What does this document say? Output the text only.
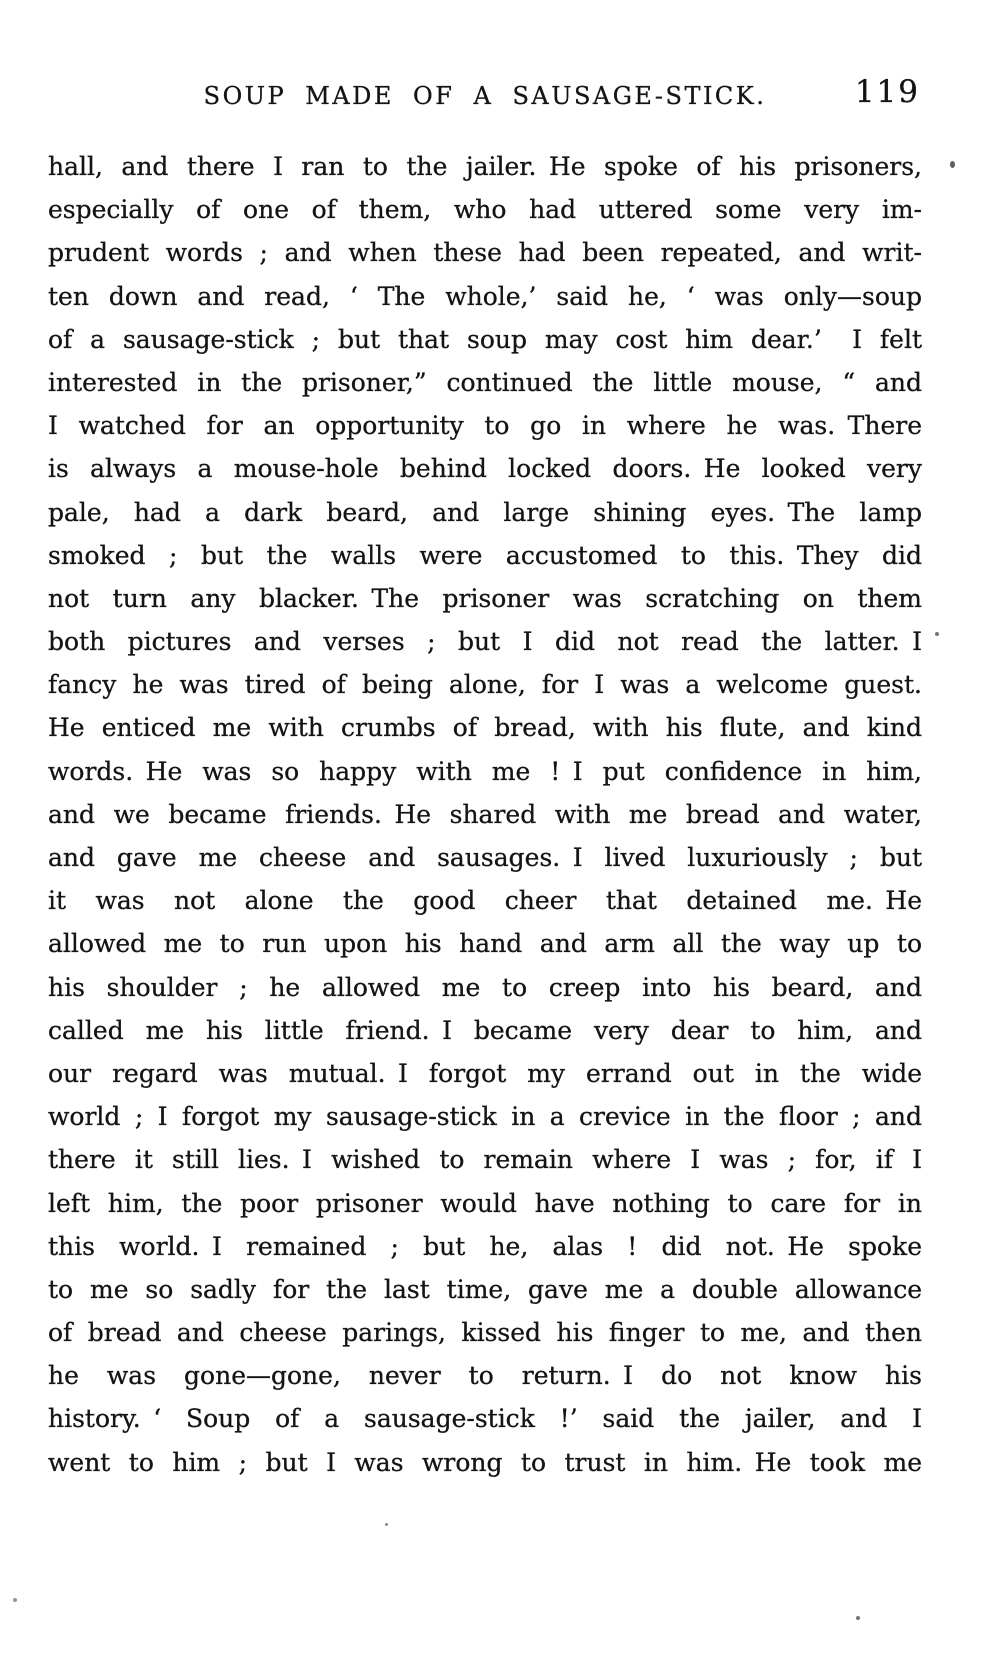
SOUP MADE OF A SAUSAGE-STICK.	119
hall, and there I ran to the jailer. He spoke of his prisoners,
especially of one of them, who had uttered some very im-
prudent words ; and when these had been repeated, and writ-
ten down and read, ‘ The whole,’ said he, ‘ was only—soup
of a sausage-stick ; but that soup may cost him dear.’  I felt
interested in the prisoner,” continued the little mouse, “ and
I watched for an opportunity to go in where he was. There
is always a mouse-hole behind locked doors. He looked very
pale, had a dark beard, and large shining eyes. The lamp
smoked ; but the walls were accustomed to this. They did
not turn any blacker. The prisoner was scratching on them
both pictures and verses ; but I did not read the latter. I
fancy he was tired of being alone, for I was a welcome guest.
He enticed me with crumbs of bread, with his flute, and kind
words. He was so happy with me ! I put confidence in him,
and we became friends. He shared with me bread and water,
and gave me cheese and sausages. I lived luxuriously ; but
it was not alone the good cheer that detained me. He
allowed me to run upon his hand and arm all the way up to
his shoulder ; he allowed me to creep into his beard, and
called me his little friend. I became very dear to him, and
our regard was mutual. I forgot my errand out in the wide
world ; I forgot my sausage-stick in a crevice in the floor ; and
there it still lies. I wished to remain where I was ; for, if I
left him, the poor prisoner would have nothing to care for in
this world. I remained ; but he, alas ! did not. He spoke
to me so sadly for the last time, gave me a double allowance
of bread and cheese parings, kissed his finger to me, and then
he was gone—gone, never to return. I do not know his
history. ‘ Soup of a sausage-stick !’ said the jailer, and I
went to him ; but I was wrong to trust in him. He took me
